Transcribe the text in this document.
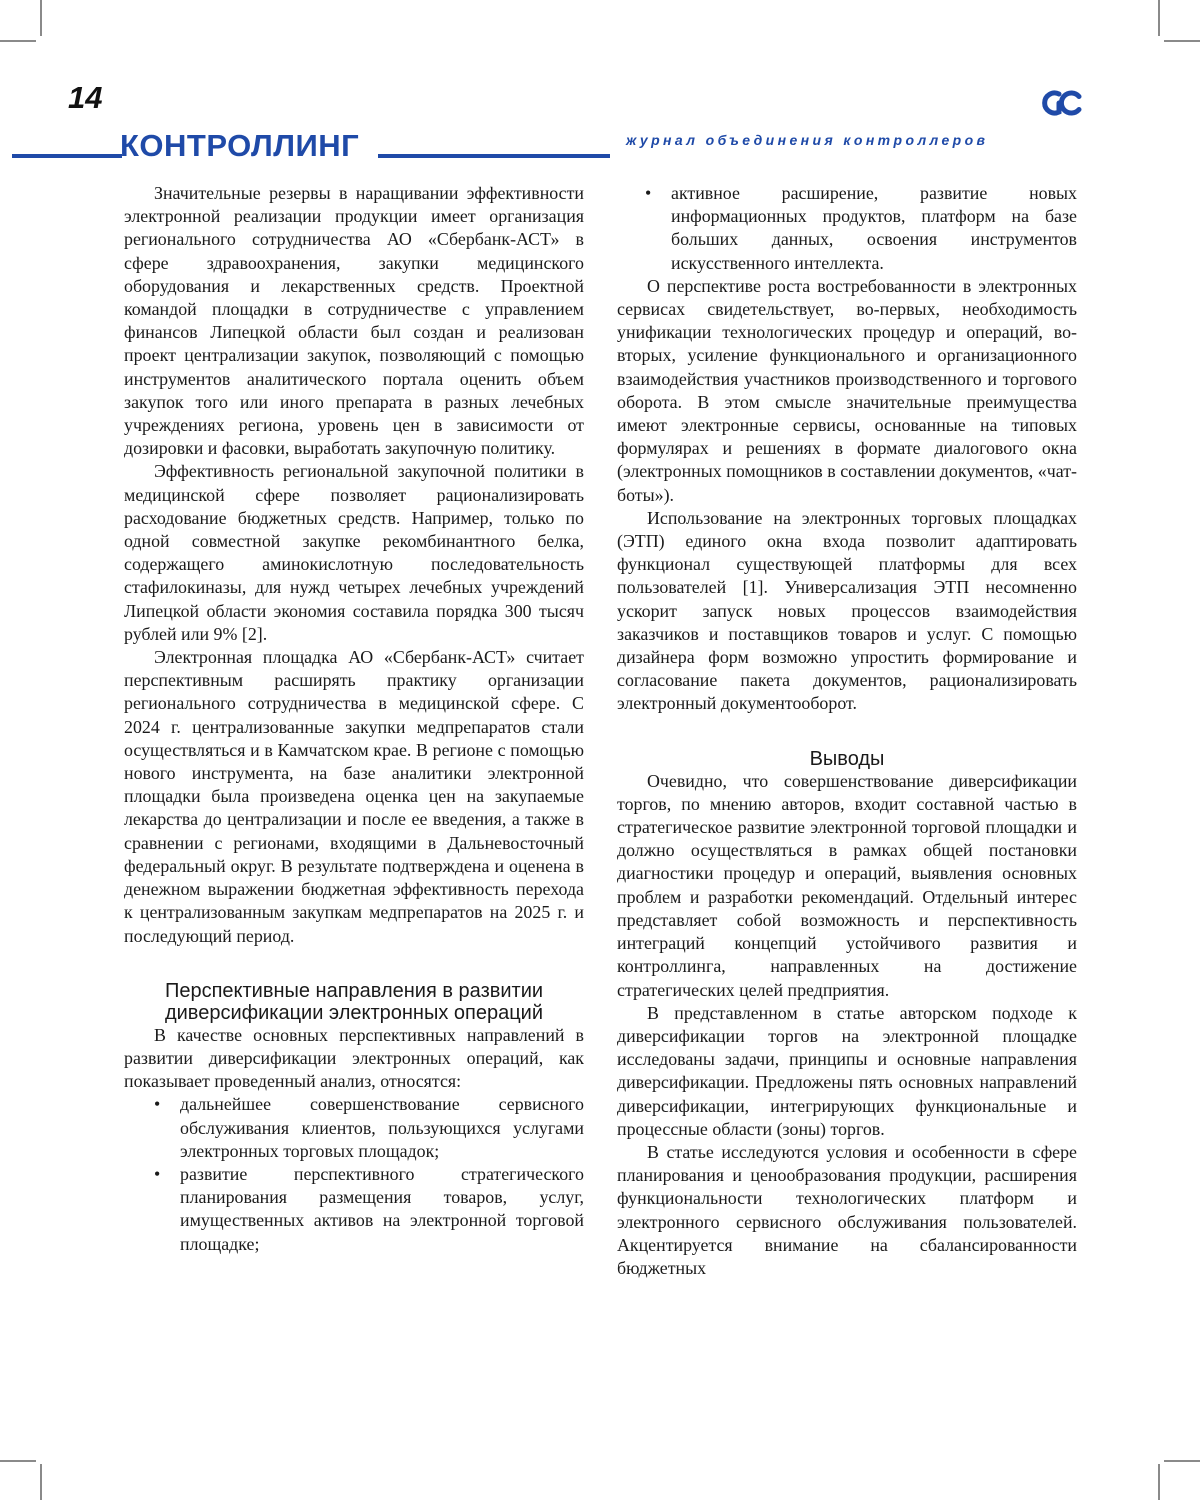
14
КОНТРОЛЛИНГ	журнал объединения контроллеров

Значительные резервы в наращивании эффективности электронной реализации продукции имеет организация регионального сотрудничества АО «Сбербанк-АСТ» в сфере здравоохранения, закупки медицинского оборудования и лекарственных средств. Проектной командой площадки в сотрудничестве с управлением финансов Липецкой области был создан и реализован проект централизации закупок, позволяющий с помощью инструментов аналитического портала оценить объем закупок того или иного препарата в разных лечебных учреждениях региона, уровень цен в зависимости от дозировки и фасовки, выработать закупочную политику.

Эффективность региональной закупочной политики в медицинской сфере позволяет рационализировать расходование бюджетных средств. Например, только по одной совместной закупке рекомбинантного белка, содержащего аминокислотную последовательность стафилокиназы, для нужд четырех лечебных учреждений Липецкой области экономия составила порядка 300 тысяч рублей или 9% [2].

Электронная площадка АО «Сбербанк-АСТ» считает перспективным расширять практику организации регионального сотрудничества в медицинской сфере. С 2024 г. централизованные закупки медпрепаратов стали осуществляться и в Камчатском крае. В регионе с помощью нового инструмента, на базе аналитики электронной площадки была произведена оценка цен на закупаемые лекарства до централизации и после ее введения, а также в сравнении с регионами, входящими в Дальневосточный федеральный округ. В результате подтверждена и оценена в денежном выражении бюджетная эффективность перехода к централизованным закупкам медпрепаратов на 2025 г. и последующий период.

Перспективные направления в развитии диверсификации электронных операций

В качестве основных перспективных направлений в развитии диверсификации электронных операций, как показывает проведенный анализ, относятся:

• дальнейшее совершенствование сервисного обслуживания клиентов, пользующихся услугами электронных торговых площадок;
• развитие перспективного стратегического планирования размещения товаров, услуг, имущественных активов на электронной торговой площадке;
• активное расширение, развитие новых информационных продуктов, платформ на базе больших данных, освоения инструментов искусственного интеллекта.

О перспективе роста востребованности в электронных сервисах свидетельствует, во-первых, необходимость унификации технологических процедур и операций, во-вторых, усиление функционального и организационного взаимодействия участников производственного и торгового оборота. В этом смысле значительные преимущества имеют электронные сервисы, основанные на типовых формулярах и решениях в формате диалогового окна (электронных помощников в составлении документов, «чат-боты»).

Использование на электронных торговых площадках (ЭТП) единого окна входа позволит адаптировать функционал существующей платформы для всех пользователей [1]. Универсализация ЭТП несомненно ускорит запуск новых процессов взаимодействия заказчиков и поставщиков товаров и услуг. С помощью дизайнера форм возможно упростить формирование и согласование пакета документов, рационализировать электронный документооборот.

Выводы

Очевидно, что совершенствование диверсификации торгов, по мнению авторов, входит составной частью в стратегическое развитие электронной торговой площадки и должно осуществляться в рамках общей постановки диагностики процедур и операций, выявления основных проблем и разработки рекомендаций. Отдельный интерес представляет собой возможность и перспективность интеграций концепций устойчивого развития и контроллинга, направленных на достижение стратегических целей предприятия.

В представленном в статье авторском подходе к диверсификации торгов на электронной площадке исследованы задачи, принципы и основные направления диверсификации. Предложены пять основных направлений диверсификации, интегрирующих функциональные и процессные области (зоны) торгов.

В статье исследуются условия и особенности в сфере планирования и ценообразования продукции, расширения функциональности технологических платформ и электронного сервисного обслуживания пользователей. Акцентируется внимание на сбалансированности бюджетных
